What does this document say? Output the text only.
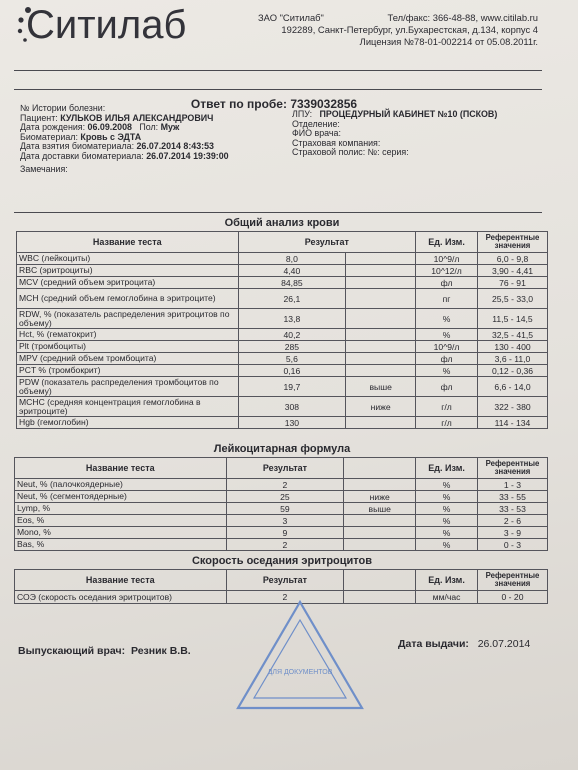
Ситилаб	ЗАО "Ситилаб"	Тел/факс: 366-48-88, www.citilab.ru
192289, Санкт-Петербург, ул.Бухарестская, д.134, корпус 4
Лицензия №78-01-002214 от 05.08.2011г.
Ответ по пробе: 7339032856
№ Истории болезни:
Пациент: КУЛЬКОВ ИЛЬЯ АЛЕКСАНДРОВИЧ
Дата рождения: 06.09.2008 Пол: Муж
Биоматериал: Кровь с ЭДТА
Дата взятия биоматериала: 26.07.2014 8:43:53
Дата доставки биоматериала: 26.07.2014 19:39:00
Замечания:
ЛПУ: ПРОЦЕДУРНЫЙ КАБИНЕТ №10 (ПСКОВ)
Отделение:
ФИО врача:
Страховая компания:
Страховой полис: №: серия:
Общий анализ крови
Название теста	Результат		Ед. Изм.	Референтные значения
WBC (лейкоциты)	8,0		10^9/л	6,0 - 9,8
RBC (эритроциты)	4,40		10^12/л	3,90 - 4,41
MCV (средний объем эритроцита)	84,85		фл	76 - 91
MCH (средний объем гемоглобина в эритроците)	26,1		пг	25,5 - 33,0
RDW, % (показатель распределения эритроцитов по объему)	13,8		%	11,5 - 14,5
Hct, % (гематокрит)	40,2		%	32,5 - 41,5
Plt (тромбоциты)	285		10^9/л	130 - 400
MPV (средний объем тромбоцита)	5,6		фл	3,6 - 11,0
PCT % (тромбокрит)	0,16		%	0,12 - 0,36
PDW (показатель распределения тромбоцитов по объему)	19,7	выше	фл	6,6 - 14,0
MCHC (средняя концентрация гемоглобина в эритроците)	308	ниже	г/л	322 - 380
Hgb (гемоглобин)	130		г/л	114 - 134
Лейкоцитарная формула
Название теста	Результат		Ед. Изм.	Референтные значения
Neut, % (палочкоядерные)	2		%	1 - 3
Neut, % (сегментоядерные)	25	ниже	%	33 - 55
Lymp, %	59	выше	%	33 - 53
Eos, %	3		%	2 - 6
Mono, %	9		%	3 - 9
Bas, %	2		%	0 - 3
Скорость оседания эритроцитов
Название теста	Результат		Ед. Изм.	Референтные значения
СОЭ (скорость оседания эритроцитов)	2		мм/час	0 - 20
Выпускающий врач: Резник В.В.
Дата выдачи: 26.07.2014
ДЛЯ ДОКУМЕНТОВ
